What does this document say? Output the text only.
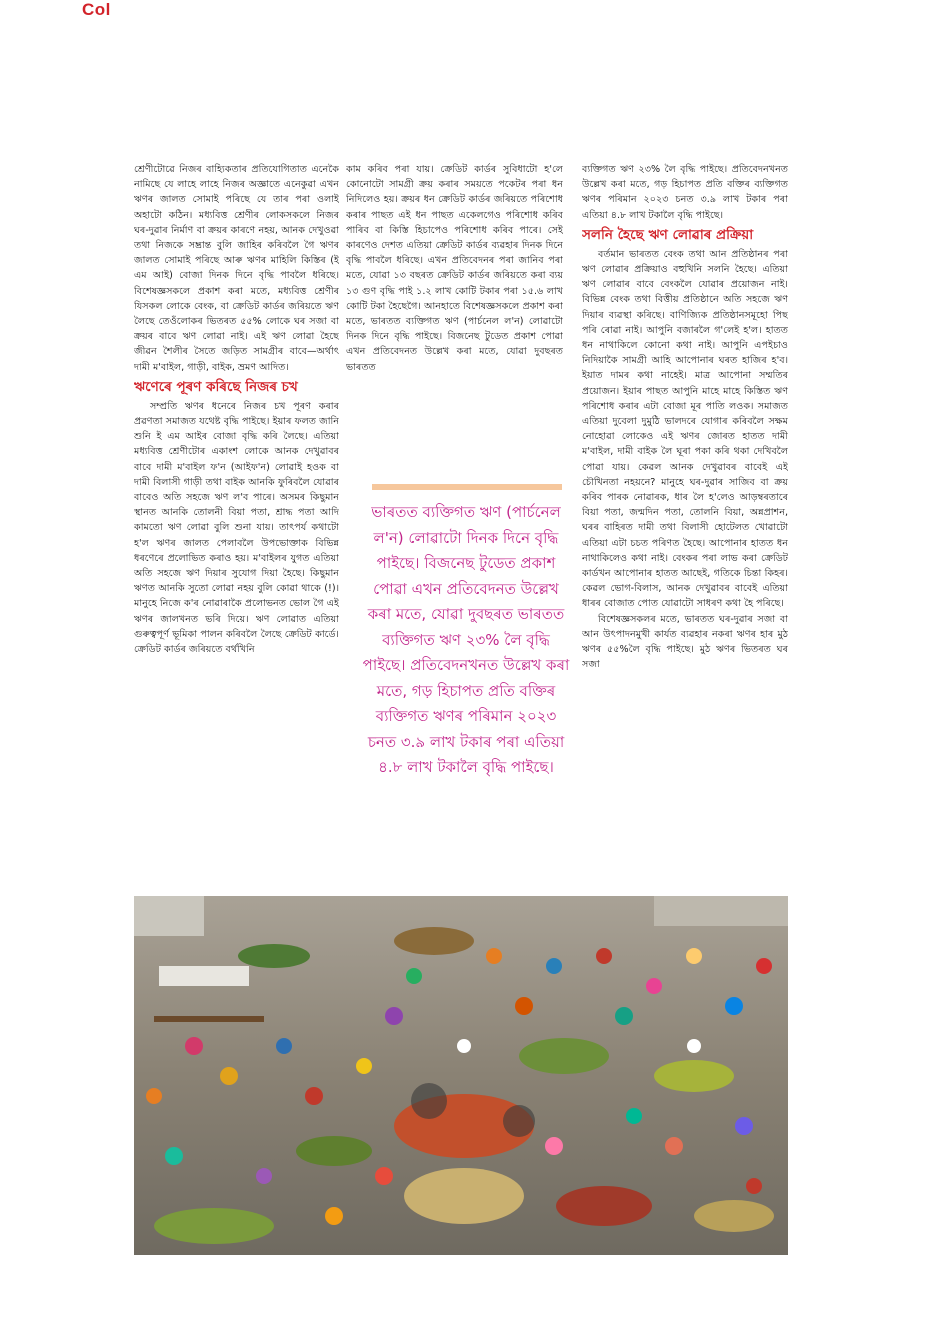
Col

শ্ৰেণীটোৱে নিজৰ বাহ্যিকতাৰ প্ৰতিযোগিতাত এনেকৈ নামিছে যে লাহে লাহে নিজৰ অজ্ঞাতে এনেকুৱা এখন ঋণৰ জালত সোমাই পৰিছে যে তাৰ পৰা ওলাই অহাটো কঠিন। মধ্যবিত্ত শ্ৰেণীৰ লোকসকলে নিজৰ ঘৰ-দুৱাৰ নিৰ্মাণ বা ক্ৰয়ৰ কাৰণে নহয়, আনক দেখুওৱা তথা নিজকে সম্ভ্ৰান্ত বুলি জাহিৰ কৰিবলৈ গৈ ঋণৰ জালত সোমাই পৰিছে আৰু ঋণৰ মাহিলি কিস্তিৰ (ই এম আই) বোজা দিনক দিনে বৃদ্ধি পাবলৈ ধৰিছে। বিশেষজ্ঞসকলে প্ৰকাশ কৰা মতে, মধ্যবিত্ত শ্ৰেণীৰ যিসকল লোকে বেংক, বা ক্ৰেডিট কাৰ্ডৰ জৰিয়তে ঋণ লৈছে তেওঁলোকৰ ভিতৰত ৫৫% লোকে ঘৰ সজা বা ক্ৰয়ৰ বাবে ঋণ লোৱা নাই। এই ঋণ লোৱা হৈছে জীৱন শৈলীৰ সৈতে জড়িত সামগ্ৰীৰ বাবে—অৰ্থাৎ দামী ম'বাইল, গাড়ী, বাইক, ভ্ৰমণ আদিত।

ঋণেৰে পূৰণ কৰিছে নিজৰ চখ

সম্প্ৰতি ঋণৰ ধনেৰে নিজৰ চখ পূৰণ কৰাৰ প্ৰৱণতা সমাজত যথেষ্ট বৃদ্ধি পাইছে। ইয়াৰ ফলত জানি শুনি ই এম আইৰ বোজা বৃদ্ধি কৰি লৈছে। এতিয়া মধ্যবিত্ত শ্ৰেণীটোৰ একাংশ লোকে আনক দেখুৱাবৰ বাবে দামী ম'বাইল ফ'ন (আইফ'ন) লোৱাই হওক বা দামী বিলাসী গাড়ী তথা বাইক আনকি ফুৰিবলৈ যোৱাৰ বাবেও অতি সহজে ঋণ ল'ব পাৰে। অসমৰ কিছুমান স্থানত আনকি তোলনী বিয়া পতা, শ্ৰাদ্ধ পতা আদি কামতো ঋণ লোৱা বুলি শুনা যায়। তাৎপৰ্য কথাটো হ'ল ঋণৰ জালত পেলাবলৈ উপভোক্তাক বিভিন্ন ধৰণেৰে প্ৰলোভিত কৰাও হয়। ম'বাইলৰ যুগত এতিয়া অতি সহজে ঋণ দিয়াৰ সুযোগ দিয়া হৈছে। কিছুমান ঋণত আনকি সুতো লোৱা নহয় বুলি কোৱা থাকে (!)। মানুহে নিজে ক'ৰ নোৱাৰাকৈ প্ৰলোভনত ভোল গৈ এই ঋণৰ জালখনত ভৰি দিয়ে। ঋণ লোৱাত এতিয়া গুৰুত্বপূৰ্ণ ভূমিকা পালন কৰিবলৈ লৈছে ক্ৰেডিট কাৰ্ডে। ক্ৰেডিট কাৰ্ডৰ জৰিয়তে বৰ্থখিনি

কাম কৰিব পৰা যায়। ক্ৰেডিট কাৰ্ডৰ সুবিধাটো হ'লে কোনোটো সামগ্ৰী ক্ৰয় কৰাৰ সময়তে পকেটৰ পৰা ধন নিদিলেও হয়। ক্ৰয়ৰ ধন ক্ৰেডিট কাৰ্ডৰ জৰিয়তে পৰিশোধ কৰাৰ পাছত এই ধন পাছত একেলগেও পৰিশোধ কৰিব পাৰিব বা কিস্তি হিচাপেও পৰিশোধ কৰিব পাৰে। সেই কাৰণেও দেশত এতিয়া ক্ৰেডিট কাৰ্ডৰ ব্যৱহাৰ দিনক দিনে বৃদ্ধি পাবলৈ ধৰিছে। এখন প্ৰতিবেদনৰ পৰা জানিব পৰা মতে, যোৱা ১৩ বছৰত ক্ৰেডিট কাৰ্ডৰ জৰিয়তে কৰা ব্যয় ১৩ গুণ বৃদ্ধি পাই ১.২ লাখ কোটি টকাৰ পৰা ১৫.৬ লাখ কোটি টকা হৈছেগৈ। আনহাতে বিশেষজ্ঞসকলে প্ৰকাশ কৰা মতে, ভাৰতত ব্যক্তিগত ঋণ (পাৰ্চনেল ল'ন) লোৱাটো দিনক দিনে বৃদ্ধি পাইছে। বিজনেছ টুডেত প্ৰকাশ পোৱা এখন প্ৰতিবেদনত উল্লেখ কৰা মতে, যোৱা দুবছৰত ভাৰতত

ভাৰতত ব্যক্তিগত ঋণ (পাৰ্চনেল ল'ন) লোৱাটো দিনক দিনে বৃদ্ধি পাইছে। বিজনেছ টুডেত প্ৰকাশ পোৱা এখন প্ৰতিবেদনত উল্লেখ কৰা মতে, যোৱা দুবছৰত ভাৰতত ব্যক্তিগত ঋণ ২৩% লৈ বৃদ্ধি পাইছে। প্ৰতিবেদনখনত উল্লেখ কৰা মতে, গড় হিচাপত প্ৰতি বক্তিৰ ব্যক্তিগত ঋণৰ পৰিমান ২০২৩ চনত ৩.৯ লাখ টকাৰ পৰা এতিয়া ৪.৮ লাখ টকালৈ বৃদ্ধি পাইছে।

ব্যক্তিগত ঋণ ২৩% লৈ বৃদ্ধি পাইছে। প্ৰতিবেদনখনত উল্লেখ কৰা মতে, গড় হিচাপত প্ৰতি বক্তিৰ ব্যক্তিগত ঋণৰ পৰিমান ২০২৩ চনত ৩.৯ লাখ টকাৰ পৰা এতিয়া ৪.৮ লাখ টকালৈ বৃদ্ধি পাইছে।

সলনি হৈছে ঋণ লোৱাৰ প্ৰক্ৰিয়া

বৰ্তমান ভাৰতত বেংক তথা আন প্ৰতিষ্ঠানৰ পৰা ঋণ লোৱাৰ প্ৰক্ৰিয়াও বহুখিনি সলনি হৈছে। এতিয়া ঋণ লোৱাৰ বাবে বেংকলৈ যোৱাৰ প্ৰয়োজন নাই। বিভিন্ন বেংক তথা বিত্তীয় প্ৰতিষ্ঠানে অতি সহজে ঋণ দিয়াৰ ব্যৱস্থা কৰিছে। বাণিজ্যিক প্ৰতিষ্ঠানসমূহো পিছ পৰি ৰোৱা নাই। আপুনি বজাৰলৈ গ'লেই হ'ল। হাতত ধন নাথাকিলে কোনো কথা নাই। আপুনি এপইচাও নিদিয়াকৈ সামগ্ৰী আহি আপোনাৰ ঘৰত হাজিৰ হ'ব। ইয়াত দামৰ কথা নাহেই। মাত্ৰ আপোনা সম্মতিৰ প্ৰয়োজন। ইয়াৰ পাছত আপুনি মাহে মাহে কিস্তিত ঋণ পৰিশোধ কৰাৰ এটা বোজা মূৰ পাতি লওক। সমাজত এতিয়া দুবেলা দুমুঠি ভালদৰে যোগাৰ কৰিবলৈ সক্ষম নোহোৱা লোকেও এই ঋণৰ জোৰত হাতত দামী ম'বাইল, দামী বাইক লৈ ঘূৰা পকা কৰি থকা দেখিবলৈ পোৱা যায়। কেৱল আনক দেখুৱাবৰ বাবেই এই চৌখিনতা নহয়নে? মানুহে ঘৰ-দুৱাৰ সাজিব বা ক্ৰয় কৰিব পাৰক নোৱাৰক, ধাৰ লৈ হ'লেও আড়ম্বৰতাৰে বিয়া পতা, জন্মদিন পতা, তোলনি বিয়া, অন্নপ্ৰাশন, ঘৰৰ বাহিৰত দামী তথা বিলাসী হোটেলত খোৱাটো এতিয়া এটা চচত পৰিণত হৈছে। আপোনাৰ হাতত ধন নাথাকিলেও কথা নাই। বেংকৰ পৰা লাভ কৰা ক্ৰেডিট কাৰ্ডখন আপোনাৰ হাতত আছেই, গতিকে চিন্তা কিহৰ। কেৱল ভোগ-বিলাস, আনক দেখুৱাবৰ বাবেই এতিয়া ধাৰৰ বোজাত পোত যোৱাটো সাধৰণ কথা হৈ পৰিছে।

বিশেষজ্ঞসকলৰ মতে, ভাৰতত ঘৰ-দুৱাৰ সজা বা আন উৎপাদনমুখী কাৰ্যত ব্যৱহাৰ নকৰা ঋণৰ হাৰ মুঠ ঋণৰ ৫৫%লৈ বৃদ্ধি পাইছে। মুঠ ঋণৰ ভিতৰত ঘৰ সজা
